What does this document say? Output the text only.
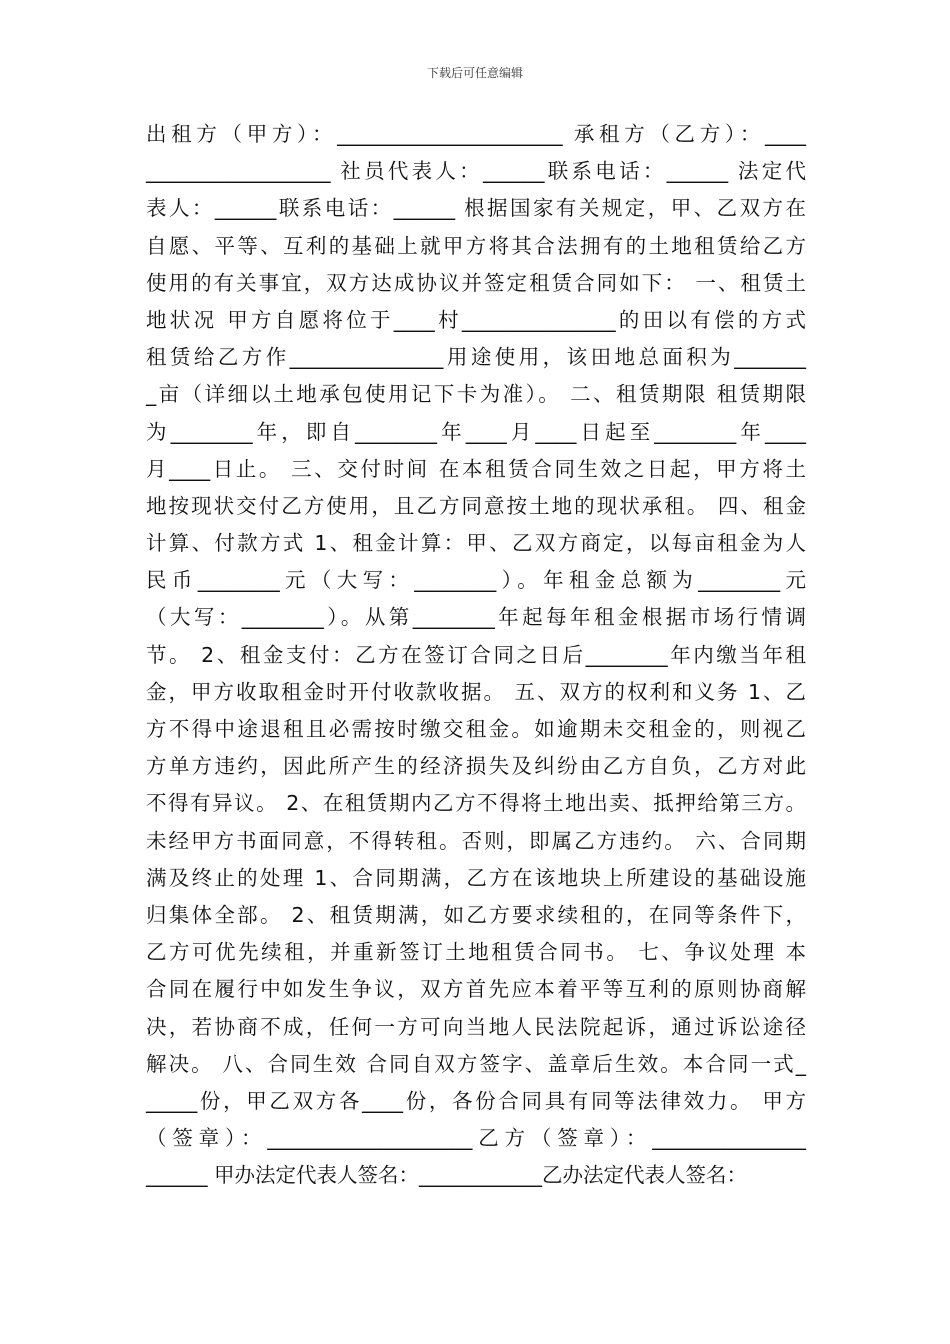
下载后可任意编辑
出租方（甲方）：______________________ 承租方（乙方）：____
__________________ 社员代表人：______联系电话：______ 法定代
表人：______联系电话：______ 根据国家有关规定，甲、乙双方在
自愿、平等、互利的基础上就甲方将其合法拥有的土地租赁给乙方
使用的有关事宜，双方达成协议并签定租赁合同如下： 一、租赁土
地状况 甲方自愿将位于____村_______________的田以有偿的方式
租赁给乙方作_______________用途使用，该田地总面积为_______
_亩（详细以土地承包使用记下卡为准）。 二、租赁期限 租赁期限
为________年，即自________年____月____日起至________年____
月____日止。 三、交付时间 在本租赁合同生效之日起，甲方将土
地按现状交付乙方使用，且乙方同意按土地的现状承租。 四、租金
计算、付款方式 1、租金计算：甲、乙双方商定，以每亩租金为人
民币________元（大写：________）。年租金总额为________元
（大写：________）。从第________年起每年租金根据市场行情调
节。 2、租金支付：乙方在签订合同之日后________年内缴当年租
金，甲方收取租金时开付收款收据。 五、双方的权利和义务 1、乙
方不得中途退租且必需按时缴交租金。如逾期未交租金的，则视乙
方单方违约，因此所产生的经济损失及纠纷由乙方自负，乙方对此
不得有异议。 2、在租赁期内乙方不得将土地出卖、抵押给第三方。
未经甲方书面同意，不得转租。否则，即属乙方违约。 六、合同期
满及终止的处理 1、合同期满，乙方在该地块上所建设的基础设施
归集体全部。 2、租赁期满，如乙方要求续租的，在同等条件下，
乙方可优先续租，并重新签订土地租赁合同书。 七、争议处理 本
合同在履行中如发生争议，双方首先应本着平等互利的原则协商解
决，若协商不成，任何一方可向当地人民法院起诉，通过诉讼途径
解决。 八、合同生效 合同自双方签字、盖章后生效。本合同一式_
_____份，甲乙双方各____份，各份合同具有同等法律效力。 甲方
（签章）：____________________乙方（签章）：_______________
______ 甲办法定代表人签名：____________乙办法定代表人签名：
